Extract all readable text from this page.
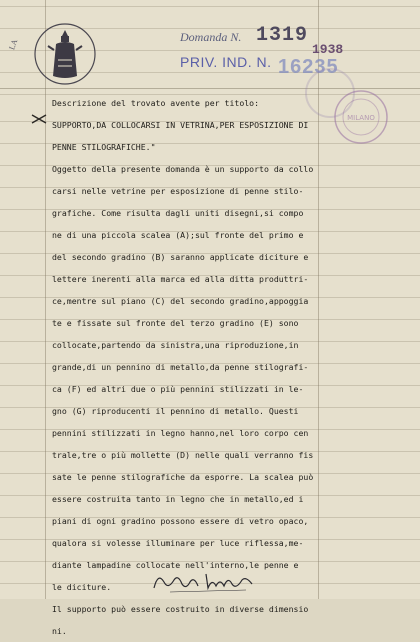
LA
Domanda N. 1319
1938
PRIV. IND. N. 16235
MILANO
Descrizione del trovato avente per titolo:
SUPPORTO,DA COLLOCARSI IN VETRINA,PER ESPOSIZIONE DI
PENNE STILOGRAFICHE."
Oggetto della presente domanda è un supporto da collo
carsi nelle vetrine per esposizione di penne stilo-
grafiche. Come risulta dagli uniti disegni,si compo
ne di una piccola scalea (A);sul fronte del primo e
del secondo gradino (B) saranno applicate diciture e
lettere inerenti alla marca ed alla ditta produttri-
ce,mentre sul piano (C) del secondo gradino,appoggia
te e fissate sul fronte del terzo gradino (E) sono
collocate,partendo da sinistra,una riproduzione,in
grande,di un pennino di metallo,da penne stilografi-
ca (F) ed altri due o più pennini stilizzati in le-
gno (G) riproducenti il pennino di metallo. Questi
pennini stilizzati in legno hanno,nel loro corpo cen
trale,tre o più mollette (D) nelle quali verranno fis
sate le penne stilografiche da esporre. La scalea può
essere costruita tanto in legno che in metallo,ed i
piani di ogni gradino possono essere di vetro opaco,
qualora si volesse illuminare per luce riflessa,me-
diante lampadine collocate nell'interno,le penne e
le diciture.
Il supporto può essere costruito in diverse dimensio
ni.
